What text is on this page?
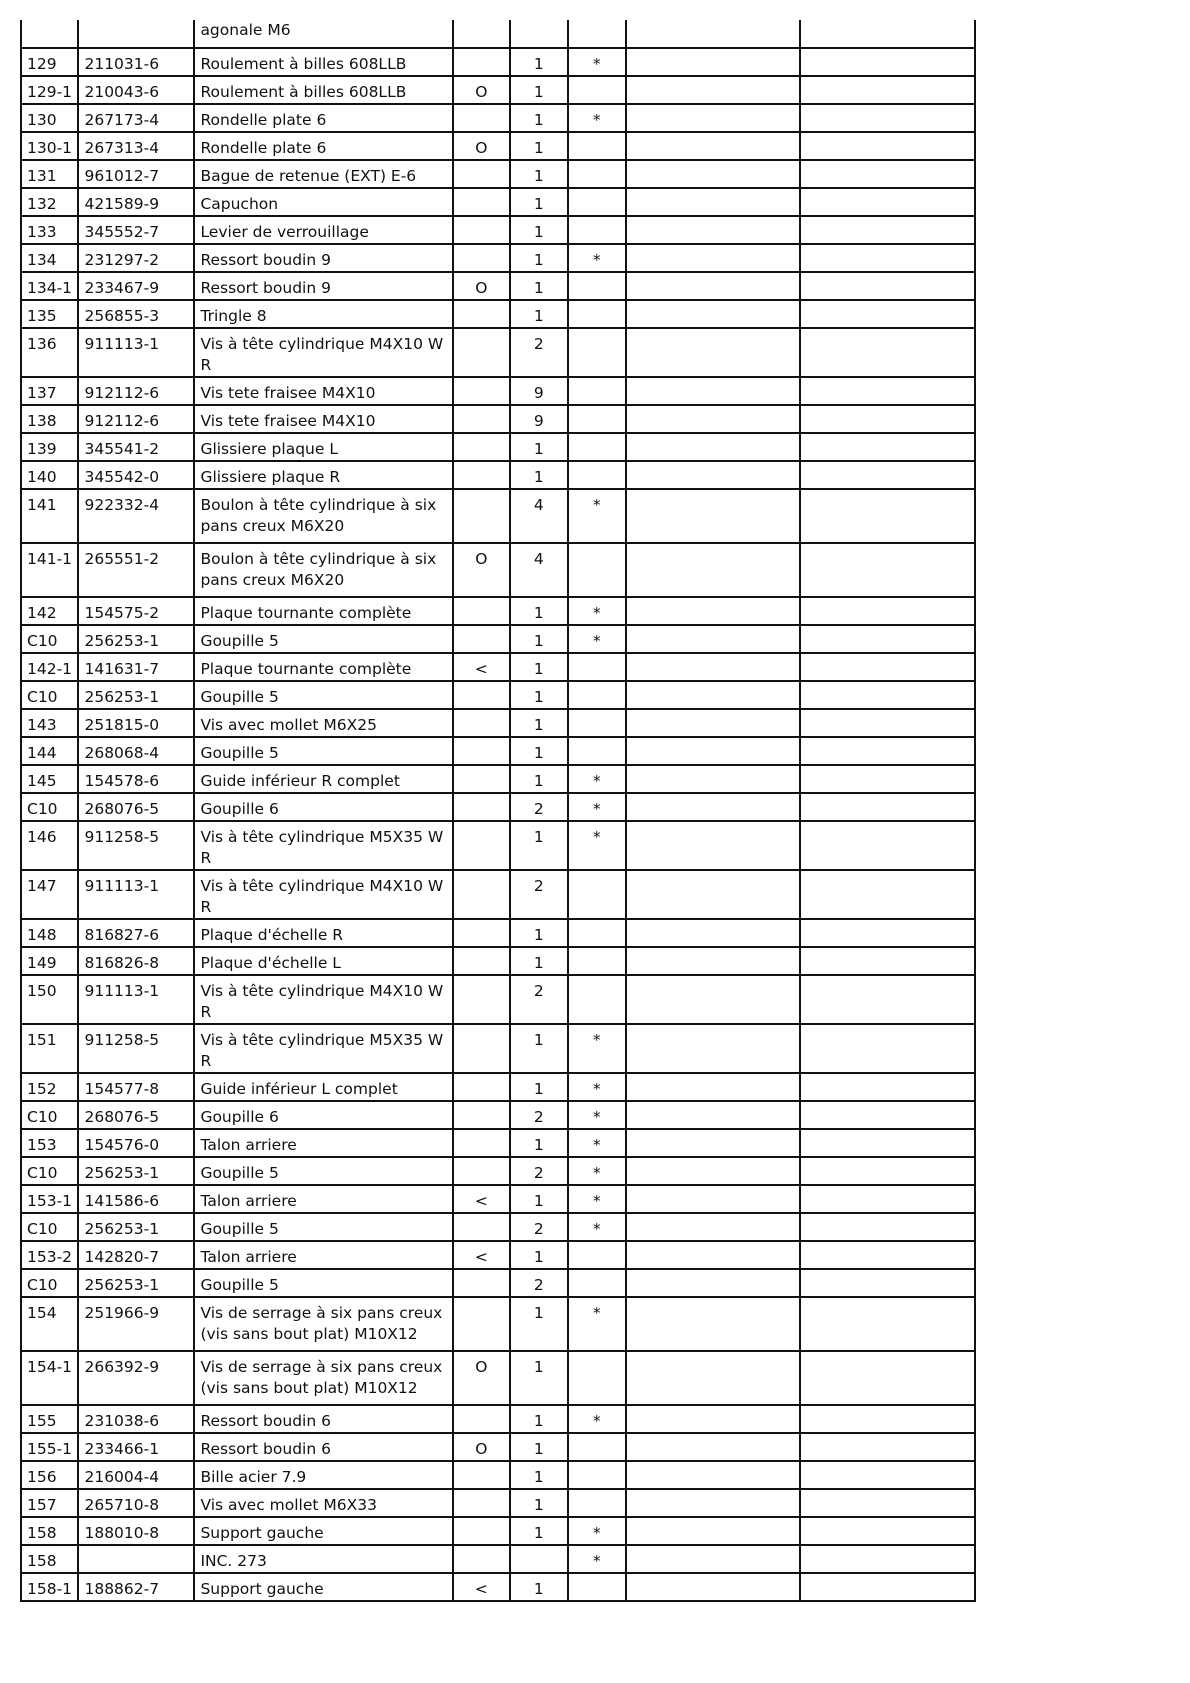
		agonale M6					
129	211031-6	Roulement à billes 608LLB		1	*		
129-1	210043-6	Roulement à billes 608LLB	O	1			
130	267173-4	Rondelle plate 6		1	*		
130-1	267313-4	Rondelle plate 6	O	1			
131	961012-7	Bague de retenue (EXT) E-6		1			
132	421589-9	Capuchon		1			
133	345552-7	Levier de verrouillage		1			
134	231297-2	Ressort boudin 9		1	*		
134-1	233467-9	Ressort boudin 9	O	1			
135	256855-3	Tringle 8		1			
136	911113-1	Vis à tête cylindrique M4X10 WR		2			
137	912112-6	Vis tete fraisee M4X10		9			
138	912112-6	Vis tete fraisee M4X10		9			
139	345541-2	Glissiere plaque L		1			
140	345542-0	Glissiere plaque R		1			
141	922332-4	Boulon à tête cylindrique à six pans creux M6X20		4	*		
141-1	265551-2	Boulon à tête cylindrique à six pans creux M6X20	O	4			
142	154575-2	Plaque tournante complète		1	*		
C10	256253-1	Goupille 5		1	*		
142-1	141631-7	Plaque tournante complète	<	1			
C10	256253-1	Goupille 5		1			
143	251815-0	Vis avec mollet M6X25		1			
144	268068-4	Goupille 5		1			
145	154578-6	Guide inférieur R complet		1	*		
C10	268076-5	Goupille 6		2	*		
146	911258-5	Vis à tête cylindrique M5X35 WR		1	*		
147	911113-1	Vis à tête cylindrique M4X10 WR		2			
148	816827-6	Plaque d'échelle R		1			
149	816826-8	Plaque d'échelle L		1			
150	911113-1	Vis à tête cylindrique M4X10 WR		2			
151	911258-5	Vis à tête cylindrique M5X35 WR		1	*		
152	154577-8	Guide inférieur L complet		1	*		
C10	268076-5	Goupille 6		2	*		
153	154576-0	Talon arriere		1	*		
C10	256253-1	Goupille 5		2	*		
153-1	141586-6	Talon arriere	<	1	*		
C10	256253-1	Goupille 5		2	*		
153-2	142820-7	Talon arriere	<	1			
C10	256253-1	Goupille 5		2			
154	251966-9	Vis de serrage à six pans creux (vis sans bout plat) M10X12		1	*		
154-1	266392-9	Vis de serrage à six pans creux (vis sans bout plat) M10X12	O	1			
155	231038-6	Ressort boudin 6		1	*		
155-1	233466-1	Ressort boudin 6	O	1			
156	216004-4	Bille acier 7.9		1			
157	265710-8	Vis avec mollet M6X33		1			
158	188010-8	Support gauche		1	*		
158		INC. 273			*		
158-1	188862-7	Support gauche	<	1			
